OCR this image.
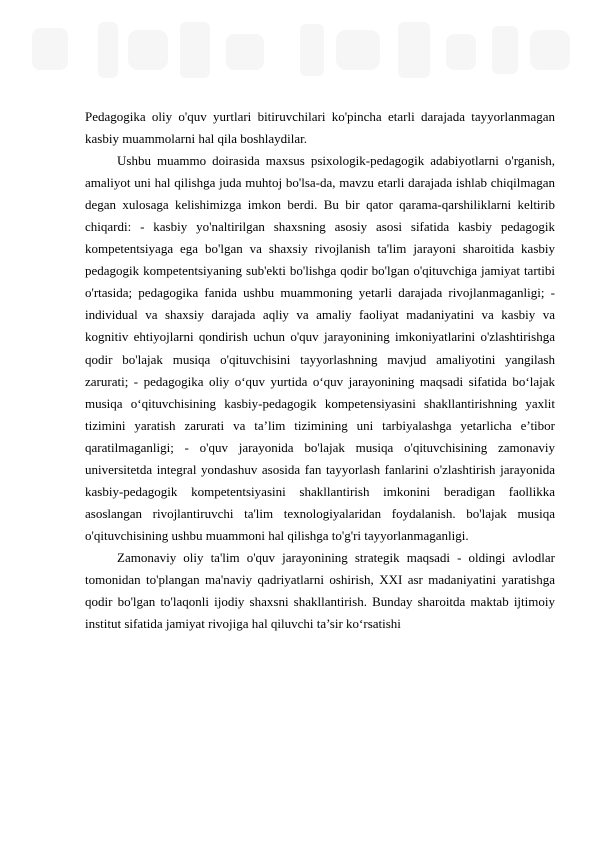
Pedagogika oliy o'quv yurtlari bitiruvchilari ko'pincha etarli darajada tayyorlanmagan kasbiy muammolarni hal qila boshlaydilar.

Ushbu muammo doirasida maxsus psixologik-pedagogik adabiyotlarni o'rganish, amaliyot uni hal qilishga juda muhtoj bo'lsa-da, mavzu etarli darajada ishlab chiqilmagan degan xulosaga kelishimizga imkon berdi. Bu bir qator qarama-qarshiliklarni keltirib chiqardi: - kasbiy yo'naltirilgan shaxsning asosiy asosi sifatida kasbiy pedagogik kompetentsiyaga ega bo'lgan va shaxsiy rivojlanish ta'lim jarayoni sharoitida kasbiy pedagogik kompetentsiyaning sub'ekti bo'lishga qodir bo'lgan o'qituvchiga jamiyat tartibi o'rtasida; pedagogika fanida ushbu muammoning yetarli darajada rivojlanmaganligi; -individual va shaxsiy darajada aqliy va amaliy faoliyat madaniyatini va kasbiy va kognitiv ehtiyojlarni qondirish uchun o'quv jarayonining imkoniyatlarini o'zlashtirishga qodir bo'lajak musiqa o'qituvchisini tayyorlashning mavjud amaliyotini yangilash zarurati; - pedagogika oliy o‘quv yurtida o‘quv jarayonining maqsadi sifatida bo‘lajak musiqa o‘qituvchisining kasbiy-pedagogik kompetensiyasini shakllantirishning yaxlit tizimini yaratish zarurati va ta’lim tizimining uni tarbiyalashga yetarlicha e’tibor qaratilmaganligi; - o'quv jarayonida bo'lajak musiqa o'qituvchisining zamonaviy universitetda integral yondashuv asosida fan tayyorlash fanlarini o'zlashtirish jarayonida kasbiy-pedagogik kompetentsiyasini shakllantirish imkonini beradigan faollikka asoslangan rivojlantiruvchi ta'lim texnologiyalaridan foydalanish. bo'lajak musiqa o'qituvchisining ushbu muammoni hal qilishga to'g'ri tayyorlanmaganligi.

Zamonaviy oliy ta'lim o'quv jarayonining strategik maqsadi - oldingi avlodlar tomonidan to'plangan ma'naviy qadriyatlarni oshirish, XXI asr madaniyatini yaratishga qodir bo'lgan to'laqonli ijodiy shaxsni shakllantirish. Bunday sharoitda maktab ijtimoiy institut sifatida jamiyat rivojiga hal qiluvchi ta’sir ko‘rsatishi
